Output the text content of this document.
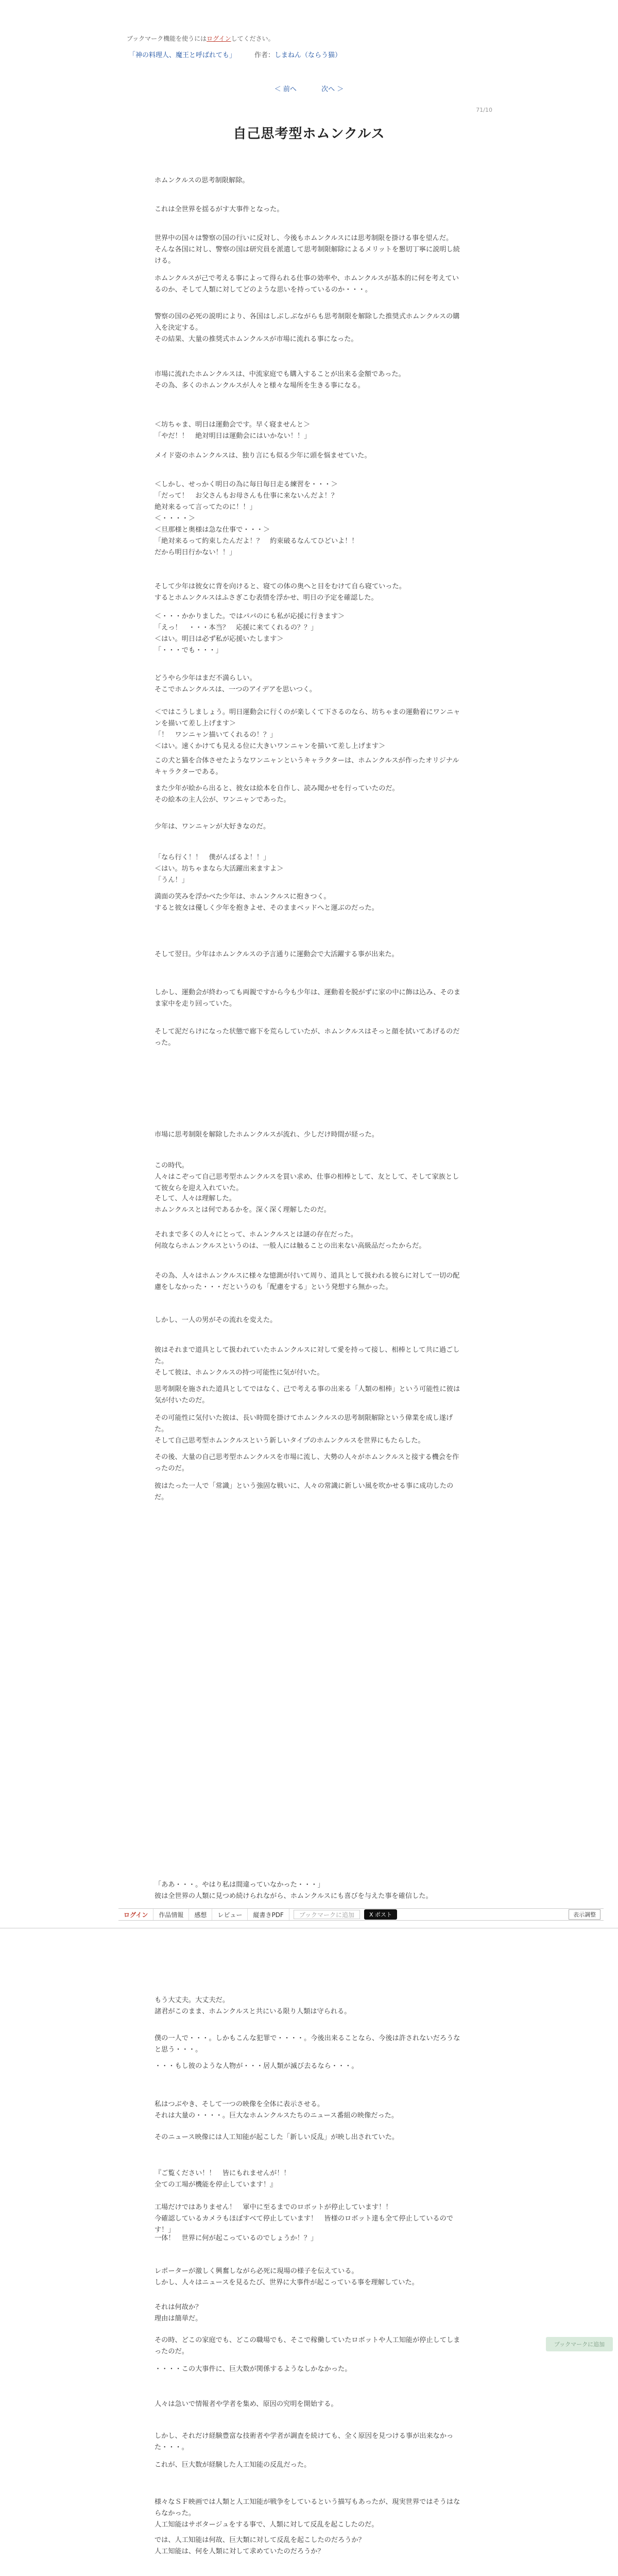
ブックマーク機能を使うにはログインしてください。
「神の料理人、魔王と呼ばれても」	作者：しまねん（ならう猫）
＜ 前へ	次へ ＞
71/10
自己思考型ホムンクルス
ログイン	作品情報	感想	レビュー	縦書きPDF	ブックマークに追加	X ポスト	表示調整
ブックマークに追加
ホムンクルスの思考制限解除。
これは全世界を揺るがす大事件となった。
世界中の国々は警察の国の行いに反対し、今後もホムンクルスには思考制限を掛ける事を望んだ。
そんな各国に対し、警察の国は研究員を派遣して思考制限解除によるメリットを懇切丁寧に説明し続ける。
ホムンクルスが己で考える事によって得られる仕事の効率や、ホムンクルスが基本的に何を考えているのか、そして人類に対してどのような思いを持っているのか・・・。
警察の国の必死の説明により、各国はしぶしぶながらも思考制限を解除した推奨式ホムンクルスの購入を決定する。
その結果、大量の推奨式ホムンクルスが市場に流れる事になった。
市場に流れたホムンクルスは、中流家庭でも購入することが出来る金額であった。
その為、多くのホムンクルスが人々と様々な場所を生きる事になる。
＜坊ちゃま、明日は運動会です。早く寝ませんと＞
「やだ！！　絶対明日は運動会にはいかない！！」
メイド姿のホムンクルスは、独り言にも似る少年に頭を悩ませていた。
＜しかし、せっかく明日の為に毎日毎日走る練習を・・・＞
「だって！　お父さんもお母さんも仕事に来ないんだよ！？
絶対来るって言ってたのに！！」
＜・・・・＞
＜旦那様と奥様は急な仕事で・・・＞
「絶対来るって約束したんだよ！？　約束破るなんてひどいよ！！
だから明日行かない！！」
そして少年は彼女に背を向けると、寝ての体の奥へと目をむけて自ら寝ていった。
するとホムンクルスはふさぎこむ表情を浮かせ、明日の予定を確認した。
＜・・・かかりました。ではパパのにも私が応援に行きます＞
「えっ！　・・・本当？　応援に来てくれるの？？」
＜はい。明日は必ず私が応援いたします＞
「・・・でも・・・」
どうやら少年はまだ不満らしい。
そこでホムンクルスは、一つのアイデアを思いつく。
＜ではこうしましょう。明日運動会に行くのが楽しくて下さるのなら、坊ちゃまの運動着にワンニャンを描いて差し上げます＞
「！　ワンニャン描いてくれるの！？」
＜はい。速くかけても見える位に大きいワンニャンを描いて差し上げます＞
この犬と猫を合体させたようなワンニャンというキャラクターは、ホムンクルスが作ったオリジナルキャラクターである。
また少年が絵から出ると、彼女は絵本を自作し、読み聞かせを行っていたのだ。
その絵本の主人公が、ワンニャンであった。
少年は、ワンニャンが大好きなのだ。
「なら行く！！　僕がんばるよ！！」
＜はい。坊ちゃまなら大活躍出来ますよ＞
「うん！」
満面の笑みを浮かべた少年は、ホムンクルスに抱きつく。
すると彼女は優しく少年を抱きよせ、そのままベッドへと運ぶのだった。
そして翌日。少年はホムンクルスの予言通りに運動会で大活躍する事が出来た。
しかし、運動会が終わっても両親ですから今も少年は、運動着を脱がずに家の中に飾は込み、そのまま家中を走り回っていた。
そして泥だらけになった状態で廊下を荒らしていたが、ホムンクルスはそっと顔を拭いてあげるのだった。
市場に思考制限を解除したホムンクルスが流れ、少しだけ時間が経った。
この時代。
人々はこぞって自己思考型ホムンクルスを買い求め、仕事の相棒として、友として、そして家族として彼女らを迎え入れていた。
そして、人々は理解した。
ホムンクルスとは何であるかを。深く深く理解したのだ。
それまで多くの人々にとって、ホムンクルスとは謎の存在だった。
何故ならホムンクルスというのは、一般人には触ることの出来ない高級品だったからだ。
その為、人々はホムンクルスに様々な憶測が付いて周り、道具として扱われる彼らに対して一切の配慮をしなかった・・・だというのも「配慮をする」という発想すら無かった。
しかし、一人の男がその流れを変えた。
彼はそれまで道具として扱われていたホムンクルスに対して愛を持って接し、相棒として共に過ごした。
そして彼は、ホムンクルスの持つ可能性に気が付いた。
思考制限を施された道具としてではなく、己で考える事の出来る「人類の相棒」という可能性に彼は気が付いたのだ。
その可能性に気付いた彼は、長い時間を掛けてホムンクルスの思考制限解除という偉業を成し遂げた。
そして自己思考型ホムンクルスという新しいタイプのホムンクルスを世界にもたらした。
その後、大量の自己思考型ホムンクルスを市場に流し、大勢の人々がホムンクルスと接する機会を作ったのだ。
彼はたった一人で「常識」という強固な戦いに、人々の常識に新しい風を吹かせる事に成功したのだ。
「ああ・・・。やはり私は間違っていなかった・・・」
彼は全世界の人類に見つめ続けられながら、ホムンクルスにも喜びを与えた事を確信した。
もう大丈夫。大丈夫だ。
諸君がこのまま、ホムンクルスと共にいる限り人類は守られる。
僕の一人で・・・。しかもこんな犯罪で・・・・。今後出来ることなら、今後は許されないだろうなと思う・・・。
・・・もし彼のような人物が・・・居人類が滅び去るなら・・・。
私はつぶやき、そして一つの映像を全体に表示させる。
それは大量の・・・・。巨大なホムンクルスたちのニュース番組の映像だった。
そのニュース映像には人工知能が起こした「新しい反乱」が映し出されていた。
『ご覧ください！！　皆にもれませんが！！
全ての工場が機能を停止しています！』
工場だけではありません！　軍中に至るまでのロボットが停止しています！！
今確認しているカメラもほぼすべて停止しています！　皆様のロボット達も全て停止しているのです！」
一体！　世界に何が起こっているのでしょうか！？」
レポーターが激しく興奮しながら必死に現場の様子を伝えている。
しかし、人々はニュースを見るたび、世界に大事件が起こっている事を理解していた。
それは何故か？
理由は簡単だ。
その時、どこの家庭でも、どこの職場でも、そこで稼働していたロボットや人工知能が停止してしまったのだ。
・・・・この大事件に、巨大数が関係するようなしかなかった。
人々は急いで情報者や学者を集め、原因の究明を開始する。
しかし、それだけ経験豊富な技術者や学者が調査を続けても、全く原因を見つける事が出来なかった・・・。
これが、巨大数が経験した人工知能の反乱だった。
様々なＳＦ映画では人類と人工知能が戦争をしているという描写もあったが、現実世界ではそうはならなかった。
人工知能はサボタージュをする事で、人類に対して反乱を起こしたのだ。
では、人工知能は何故、巨大類に対して反乱を起こしたのだろうか？
人工知能は、何を人類に対して求めていたのだろうか？
